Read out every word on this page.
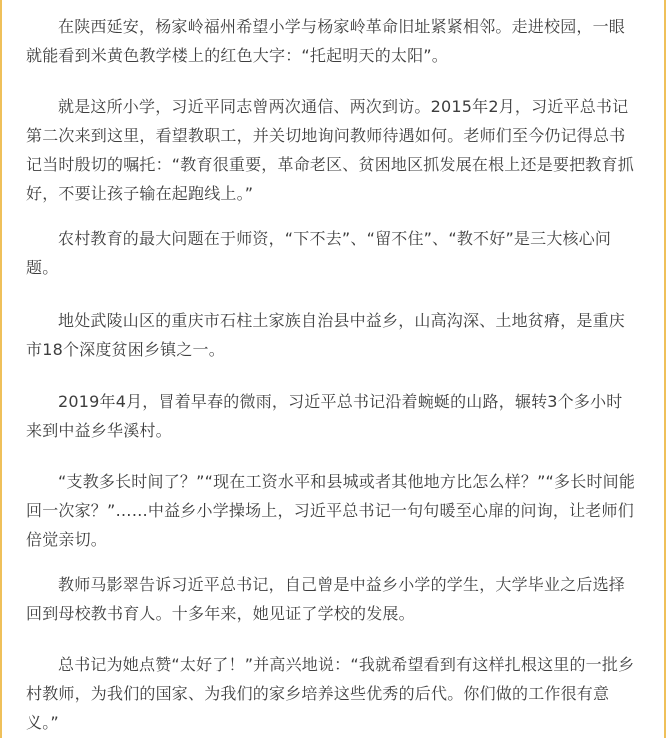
在陕西延安，杨家岭福州希望小学与杨家岭革命旧址紧紧相邻。走进校园，一眼就能看到米黄色教学楼上的红色大字：“托起明天的太阳”。

就是这所小学，习近平同志曾两次通信、两次到访。2015年2月，习近平总书记第二次来到这里，看望教职工，并关切地询问教师待遇如何。老师们至今仍记得总书记当时殷切的嘱托：“教育很重要，革命老区、贫困地区抓发展在根上还是要把教育抓好，不要让孩子输在起跑线上。”

农村教育的最大问题在于师资，“下不去”、“留不住”、“教不好”是三大核心问题。

地处武陵山区的重庆市石柱土家族自治县中益乡，山高沟深、土地贫瘠，是重庆市18个深度贫困乡镇之一。

2019年4月，冒着早春的微雨，习近平总书记沿着蜿蜒的山路，辗转3个多小时来到中益乡华溪村。

“支教多长时间了？”“现在工资水平和县城或者其他地方比怎么样？”“多长时间能回一次家？”……中益乡小学操场上，习近平总书记一句句暖至心扉的问询，让老师们倍觉亲切。

教师马影翠告诉习近平总书记，自己曾是中益乡小学的学生，大学毕业之后选择回到母校教书育人。十多年来，她见证了学校的发展。

总书记为她点赞“太好了！”并高兴地说：“我就希望看到有这样扎根这里的一批乡村教师，为我们的国家、为我们的家乡培养这些优秀的后代。你们做的工作很有意义。”
